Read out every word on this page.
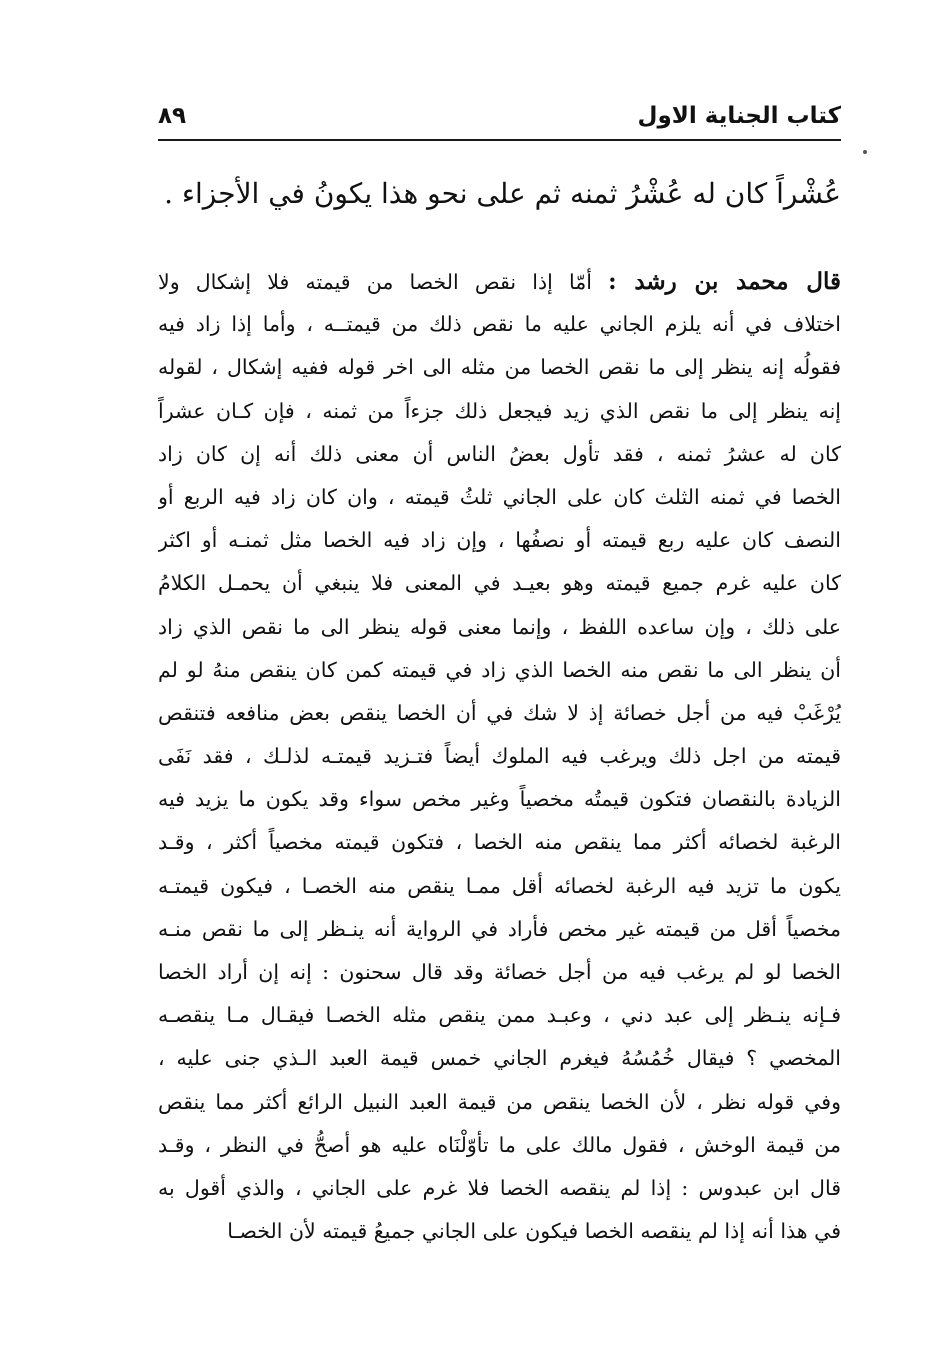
كتاب الجناية الاول
٨٩
عُشْراً كان له عُشْرُ ثمنه ثم على نحو هذا يكونُ في الأجزاء .
قال محمد بن رشد : أمّا إذا نقص الخصا من قيمته فلا إشكال ولا
اختلاف في أنه يلزم الجاني عليه ما نقص ذلك من قيمتــه ، وأما إذا زاد فيه
فقولُه إنه ينظر إلى ما نقص الخصا من مثله الى اخر قوله ففيه إشكال ، لقوله
إنه ينظر إلى ما نقص الذي زيد فيجعل ذلك جزءاً من ثمنه ، فإن كـان عشراً
كان له عشرُ ثمنه ، فقد تأول بعضُ الناس أن معنى ذلك أنه إن كان زاد
الخصا في ثمنه الثلث كان على الجاني ثلثُ قيمته ، وان كان زاد فيه الربع أو
النصف كان عليه ربع قيمته أو نصفُها ، وإن زاد فيه الخصا مثل ثمنـه أو اكثر
كان عليه غرم جميع قيمته وهو بعيـد في المعنى فلا ينبغي أن يحمـل الكلامُ
على ذلك ، وإن ساعده اللفظ ، وإنما معنى قوله ينظر الى ما نقص الذي زاد
أن ينظر الى ما نقص منه الخصا الذي زاد في قيمته كمن كان ينقص منهُ لو لم
يُرْغَبْ فيه من أجل خصائة إذ لا شك في أن الخصا ينقص بعض منافعه فتنقص
قيمته من اجل ذلك ويرغب فيه الملوك أيضاً فتـزيد قيمتـه لذلـك ، فقد نَفَى
الزيادة بالنقصان فتكون قيمتُه مخصياً وغير مخص سواء وقد يكون ما يزيد فيه
الرغبة لخصائه أكثر مما ينقص منه الخصا ، فتكون قيمته مخصياً أكثر ، وقـد
يكون ما تزيد فيه الرغبة لخصائه أقل ممـا ينقص منه الخصـا ، فيكون قيمتـه
مخصياً أقل من قيمته غير مخص فأراد في الرواية أنه ينـظر إلى ما نقص منـه
الخصا لو لم يرغب فيه من أجل خصائة وقد قال سحنون : إنه إن أراد الخصا
فـإنه ينـظر إلى عبد دني ، وعبـد ممن ينقص مثله الخصـا فيقـال مـا ينقصـه
المخصي ؟ فيقال خُمُسُهُ فيغرم الجاني خمس قيمة العبد الـذي جنى عليه ،
وفي قوله نظر ، لأن الخصا ينقص من قيمة العبد النبيل الرائع أكثر مما ينقص
من قيمة الوخش ، فقول مالك على ما تأوّلْنَاه عليه هو أصحُّ في النظر ، وقـد
قال ابن عبدوس : إذا لم ينقصه الخصا فلا غرم على الجاني ، والذي أقول به
في هذا أنه إذا لم ينقصه الخصا فيكون على الجاني جميعُ قيمته لأن الخصـا
